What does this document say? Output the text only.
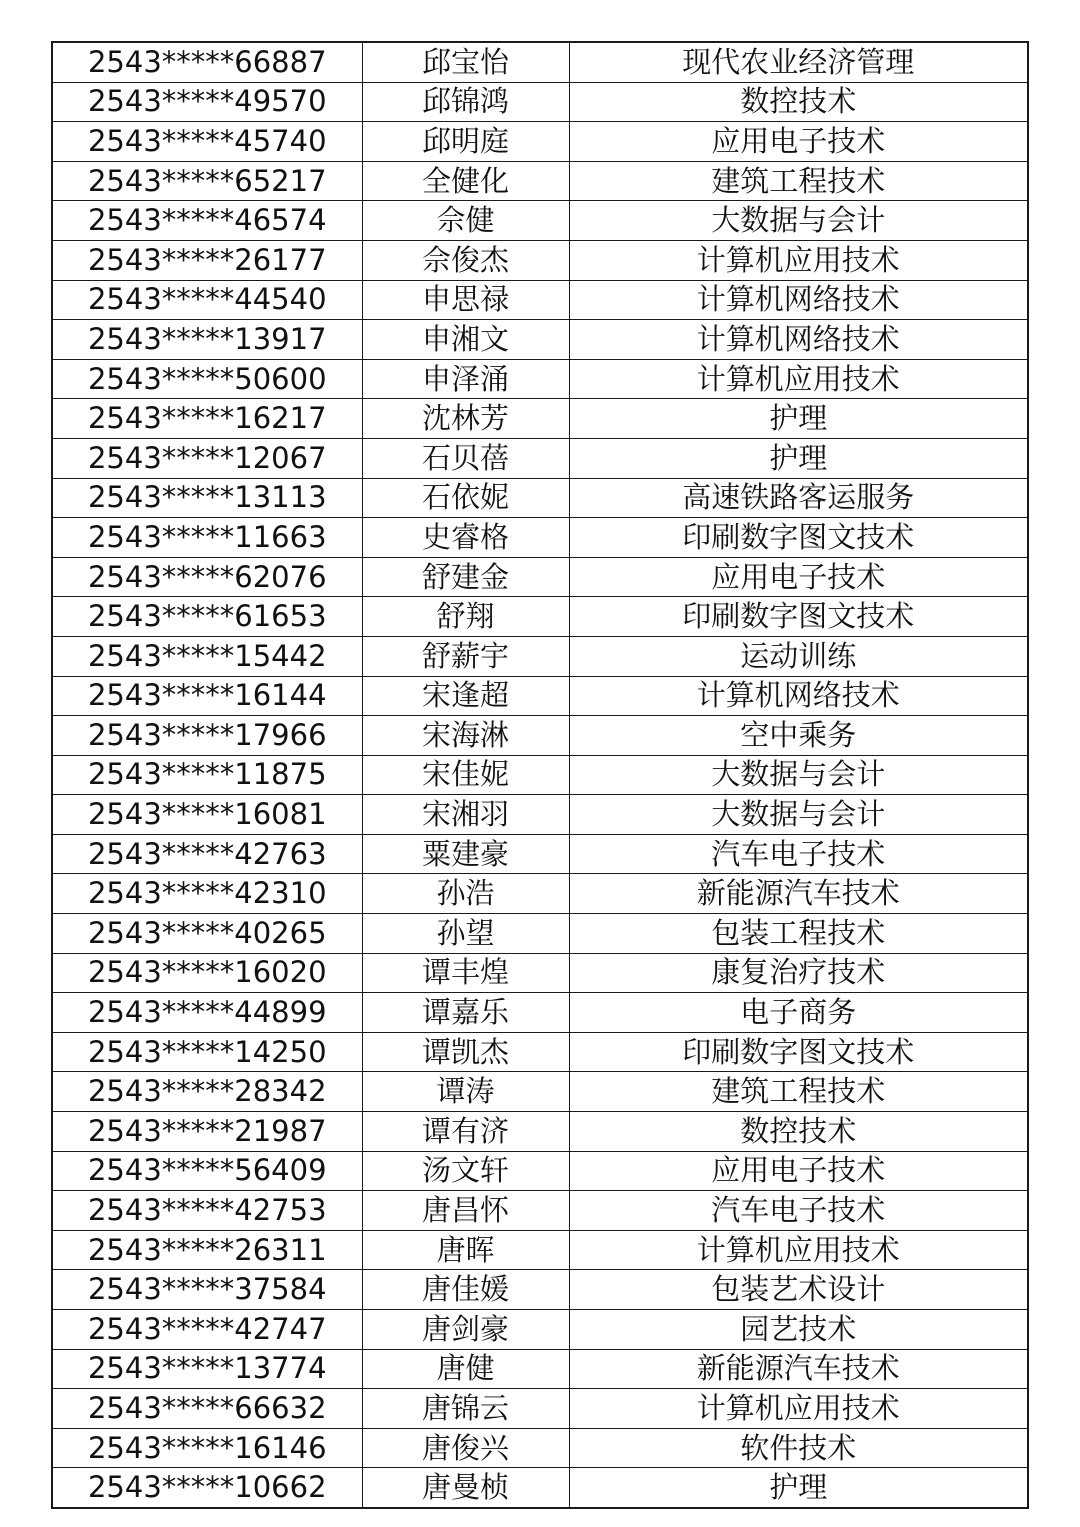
2543*****66887	邱宝怡	现代农业经济管理
2543*****49570	邱锦鸿	数控技术
2543*****45740	邱明庭	应用电子技术
2543*****65217	全健化	建筑工程技术
2543*****46574	佘健	大数据与会计
2543*****26177	佘俊杰	计算机应用技术
2543*****44540	申思禄	计算机网络技术
2543*****13917	申湘文	计算机网络技术
2543*****50600	申泽涌	计算机应用技术
2543*****16217	沈林芳	护理
2543*****12067	石贝蓓	护理
2543*****13113	石依妮	高速铁路客运服务
2543*****11663	史睿格	印刷数字图文技术
2543*****62076	舒建金	应用电子技术
2543*****61653	舒翔	印刷数字图文技术
2543*****15442	舒薪宇	运动训练
2543*****16144	宋逢超	计算机网络技术
2543*****17966	宋海淋	空中乘务
2543*****11875	宋佳妮	大数据与会计
2543*****16081	宋湘羽	大数据与会计
2543*****42763	粟建豪	汽车电子技术
2543*****42310	孙浩	新能源汽车技术
2543*****40265	孙望	包装工程技术
2543*****16020	谭丰煌	康复治疗技术
2543*****44899	谭嘉乐	电子商务
2543*****14250	谭凯杰	印刷数字图文技术
2543*****28342	谭涛	建筑工程技术
2543*****21987	谭有济	数控技术
2543*****56409	汤文轩	应用电子技术
2543*****42753	唐昌怀	汽车电子技术
2543*****26311	唐晖	计算机应用技术
2543*****37584	唐佳媛	包装艺术设计
2543*****42747	唐剑豪	园艺技术
2543*****13774	唐健	新能源汽车技术
2543*****66632	唐锦云	计算机应用技术
2543*****16146	唐俊兴	软件技术
2543*****10662	唐曼桢	护理
